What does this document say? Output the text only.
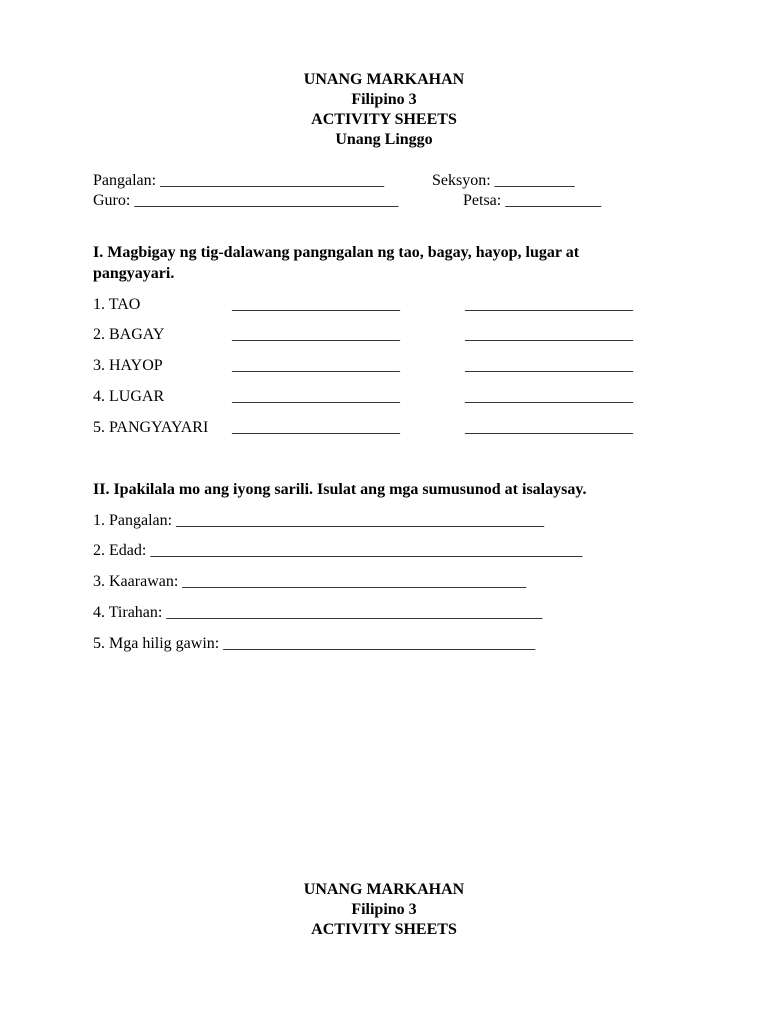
UNANG MARKAHAN
Filipino 3
ACTIVITY SHEETS
Unang Linggo
Pangalan: ____________________________	Seksyon: __________
Guro: _________________________________	Petsa: ____________
I. Magbigay ng tig-dalawang pangngalan ng tao, bagay, hayop, lugar at
pangyayari.
1. TAO	_____________________	_____________________
2. BAGAY	_____________________	_____________________
3. HAYOP	_____________________	_____________________
4. LUGAR	_____________________	_____________________
5. PANGYAYARI _____________________	_____________________
II. Ipakilala mo ang iyong sarili. Isulat ang mga sumusunod at isalaysay.
1. Pangalan: ______________________________________________
2. Edad: ______________________________________________________
3. Kaarawan: ___________________________________________
4. Tirahan: _______________________________________________
5. Mga hilig gawin: _______________________________________
UNANG MARKAHAN
Filipino 3
ACTIVITY SHEETS
